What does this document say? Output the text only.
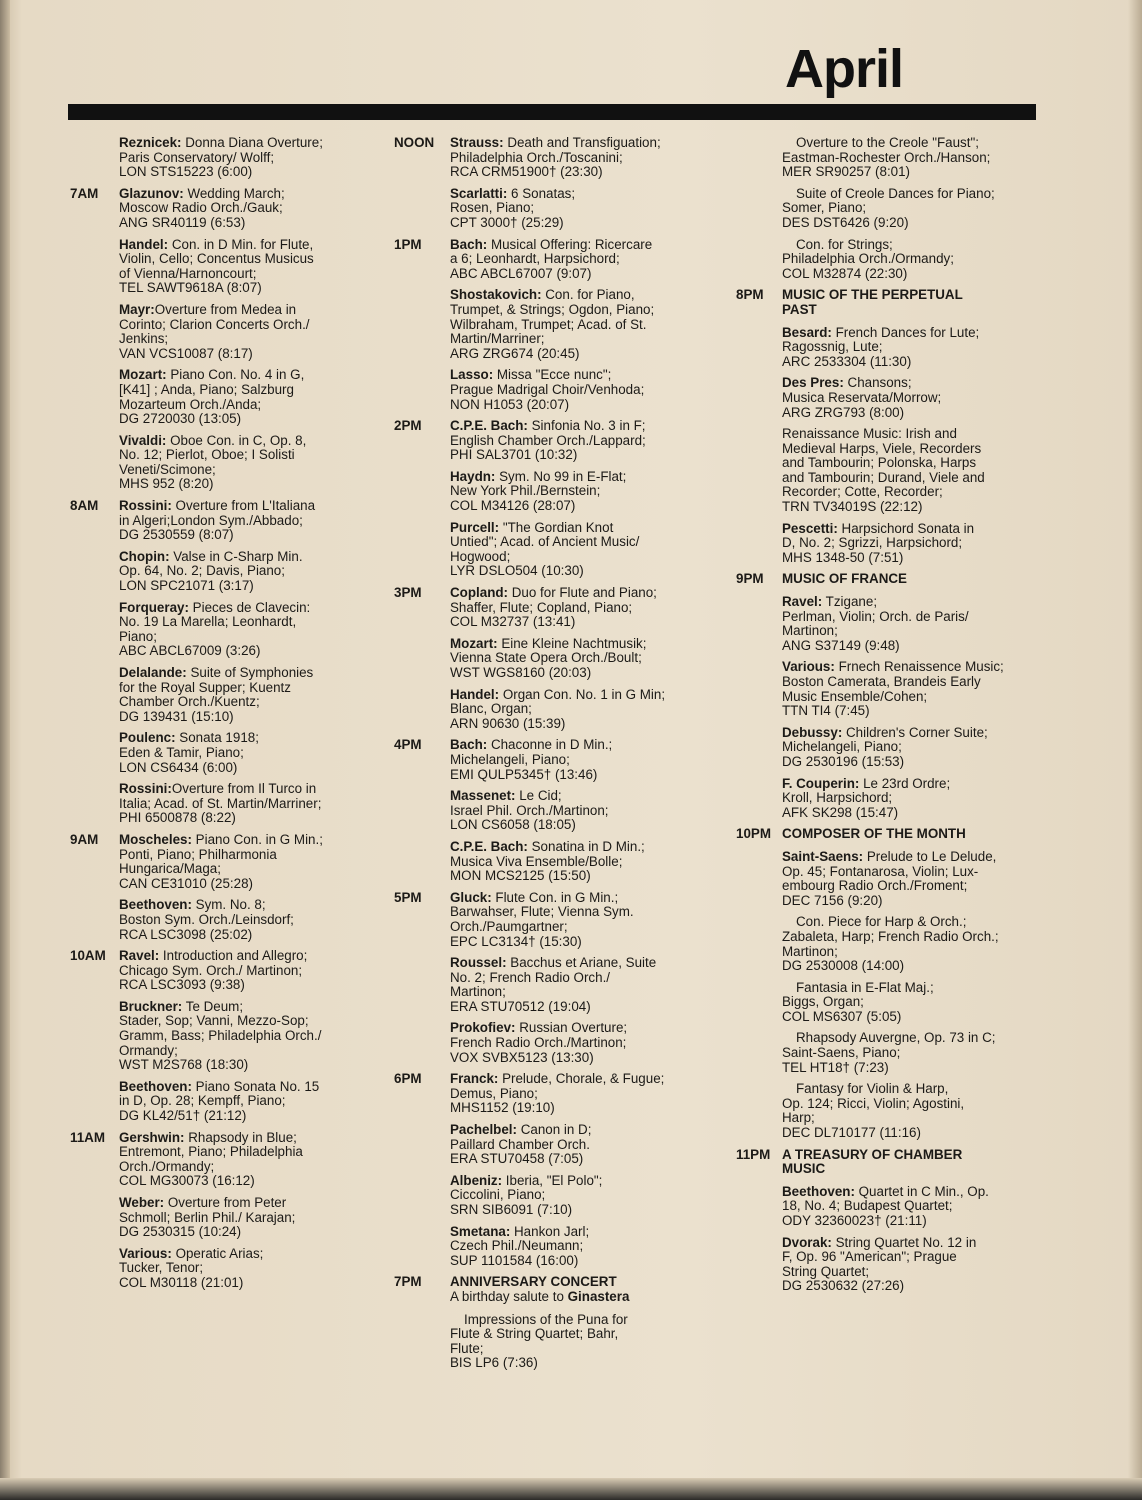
April
Reznicek: Donna Diana Overture;
Paris Conservatory/ Wolff;
LON STS15223 (6:00)
7AM	Glazunov: Wedding March;
Moscow Radio Orch./Gauk;
ANG SR40119 (6:53)
Handel: Con. in D Min. for Flute,
Violin, Cello; Concentus Musicus
of Vienna/Harnoncourt;
TEL SAWT9618A (8:07)
Mayr:Overture from Medea in
Corinto; Clarion Concerts Orch./
Jenkins;
VAN VCS10087 (8:17)
Mozart: Piano Con. No. 4 in G,
[K41] ; Anda, Piano; Salzburg
Mozarteum Orch./Anda;
DG 2720030 (13:05)
Vivaldi: Oboe Con. in C, Op. 8,
No. 12; Pierlot, Oboe; I Solisti
Veneti/Scimone;
MHS 952 (8:20)
8AM	Rossini: Overture from L'Italiana
in Algeri;London Sym./Abbado;
DG 2530559 (8:07)
Chopin: Valse in C-Sharp Min.
Op. 64, No. 2; Davis, Piano;
LON SPC21071 (3:17)
Forqueray: Pieces de Clavecin:
No. 19 La Marella; Leonhardt,
Piano;
ABC ABCL67009 (3:26)
Delalande: Suite of Symphonies
for the Royal Supper; Kuentz
Chamber Orch./Kuentz;
DG 139431 (15:10)
Poulenc: Sonata 1918;
Eden & Tamir, Piano;
LON CS6434 (6:00)
Rossini:Overture from Il Turco in
Italia; Acad. of St. Martin/Marriner;
PHI 6500878 (8:22)
9AM	Moscheles: Piano Con. in G Min.;
Ponti, Piano; Philharmonia
Hungarica/Maga;
CAN CE31010 (25:28)
Beethoven: Sym. No. 8;
Boston Sym. Orch./Leinsdorf;
RCA LSC3098 (25:02)
10AM Ravel: Introduction and Allegro;
Chicago Sym. Orch./ Martinon;
RCA LSC3093 (9:38)
Bruckner: Te Deum;
Stader, Sop; Vanni, Mezzo-Sop;
Gramm, Bass; Philadelphia Orch./
Ormandy;
WST M2S768 (18:30)
Beethoven: Piano Sonata No. 15
in D, Op. 28; Kempff, Piano;
DG KL42/51† (21:12)
11AM	Gershwin: Rhapsody in Blue;
Entremont, Piano; Philadelphia
Orch./Ormandy;
COL MG30073 (16:12)
Weber: Overture from Peter
Schmoll; Berlin Phil./ Karajan;
DG 2530315 (10:24)
Various: Operatic Arias;
Tucker, Tenor;
COL M30118 (21:01)
NOON	Strauss: Death and Transfiguation;
Philadelphia Orch./Toscanini;
RCA CRM51900† (23:30)
Scarlatti: 6 Sonatas;
Rosen, Piano;
CPT 3000† (25:29)
1PM	Bach: Musical Offering: Ricercare
a 6; Leonhardt, Harpsichord;
ABC ABCL67007 (9:07)
Shostakovich: Con. for Piano,
Trumpet, & Strings; Ogdon, Piano;
Wilbraham, Trumpet; Acad. of St.
Martin/Marriner;
ARG ZRG674 (20:45)
Lasso: Missa "Ecce nunc";
Prague Madrigal Choir/Venhoda;
NON H1053 (20:07)
2PM	C.P.E. Bach: Sinfonia No. 3 in F;
English Chamber Orch./Lappard;
PHI SAL3701 (10:32)
Haydn: Sym. No 99 in E-Flat;
New York Phil./Bernstein;
COL M34126 (28:07)
Purcell: "The Gordian Knot
Untied"; Acad. of Ancient Music/
Hogwood;
LYR DSLO504 (10:30)
3PM	Copland: Duo for Flute and Piano;
Shaffer, Flute; Copland, Piano;
COL M32737 (13:41)
Mozart: Eine Kleine Nachtmusik;
Vienna State Opera Orch./Boult;
WST WGS8160 (20:03)
Handel: Organ Con. No. 1 in G Min;
Blanc, Organ;
ARN 90630 (15:39)
4PM	Bach: Chaconne in D Min.;
Michelangeli, Piano;
EMI QULP5345† (13:46)
Massenet: Le Cid;
Israel Phil. Orch./Martinon;
LON CS6058 (18:05)
C.P.E. Bach: Sonatina in D Min.;
Musica Viva Ensemble/Bolle;
MON MCS2125 (15:50)
5PM	Gluck: Flute Con. in G Min.;
Barwahser, Flute; Vienna Sym.
Orch./Paumgartner;
EPC LC3134† (15:30)
Roussel: Bacchus et Ariane, Suite
No. 2; French Radio Orch./
Martinon;
ERA STU70512 (19:04)
Prokofiev: Russian Overture;
French Radio Orch./Martinon;
VOX SVBX5123 (13:30)
6PM	Franck: Prelude, Chorale, & Fugue;
Demus, Piano;
MHS1152 (19:10)
Pachelbel: Canon in D;
Paillard Chamber Orch.
ERA STU70458 (7:05)
Albeniz: Iberia, "El Polo";
Ciccolini, Piano;
SRN SIB6091 (7:10)
Smetana: Hankon Jarl;
Czech Phil./Neumann;
SUP 1101584 (16:00)
7PM	ANNIVERSARY CONCERT
A birthday salute to Ginastera
Impressions of the Puna for
Flute & String Quartet; Bahr,
Flute;
BIS LP6 (7:36)
Overture to the Creole "Faust";
Eastman-Rochester Orch./Hanson;
MER SR90257 (8:01)
Suite of Creole Dances for Piano;
Somer, Piano;
DES DST6426 (9:20)
Con. for Strings;
Philadelphia Orch./Ormandy;
COL M32874 (22:30)
8PM	MUSIC OF THE PERPETUAL
PAST
Besard: French Dances for Lute;
Ragossnig, Lute;
ARC 2533304 (11:30)
Des Pres: Chansons;
Musica Reservata/Morrow;
ARG ZRG793 (8:00)
Renaissance Music: Irish and
Medieval Harps, Viele, Recorders
and Tambourin; Polonska, Harps
and Tambourin; Durand, Viele and
Recorder; Cotte, Recorder;
TRN TV34019S (22:12)
Pescetti: Harpsichord Sonata in
D, No. 2; Sgrizzi, Harpsichord;
MHS 1348-50 (7:51)
9PM	MUSIC OF FRANCE
Ravel: Tzigane;
Perlman, Violin; Orch. de Paris/
Martinon;
ANG S37149 (9:48)
Various: Frnech Renaissence Music;
Boston Camerata, Brandeis Early
Music Ensemble/Cohen;
TTN TI4 (7:45)
Debussy: Children's Corner Suite;
Michelangeli, Piano;
DG 2530196 (15:53)
F. Couperin: Le 23rd Ordre;
Kroll, Harpsichord;
AFK SK298 (15:47)
10PM COMPOSER OF THE MONTH
Saint-Saens: Prelude to Le Delude,
Op. 45; Fontanarosa, Violin; Lux-
embourg Radio Orch./Froment;
DEC 7156 (9:20)
Con. Piece for Harp & Orch.;
Zabaleta, Harp; French Radio Orch.;
Martinon;
DG 2530008 (14:00)
Fantasia in E-Flat Maj.;
Biggs, Organ;
COL MS6307 (5:05)
Rhapsody Auvergne, Op. 73 in C;
Saint-Saens, Piano;
TEL HT18† (7:23)
Fantasy for Violin & Harp,
Op. 124; Ricci, Violin; Agostini,
Harp;
DEC DL710177 (11:16)
11PM A TREASURY OF CHAMBER
MUSIC
Beethoven: Quartet in C Min., Op.
18, No. 4; Budapest Quartet;
ODY 32360023† (21:11)
Dvorak: String Quartet No. 12 in
F, Op. 96 "American"; Prague
String Quartet;
DG 2530632 (27:26)
